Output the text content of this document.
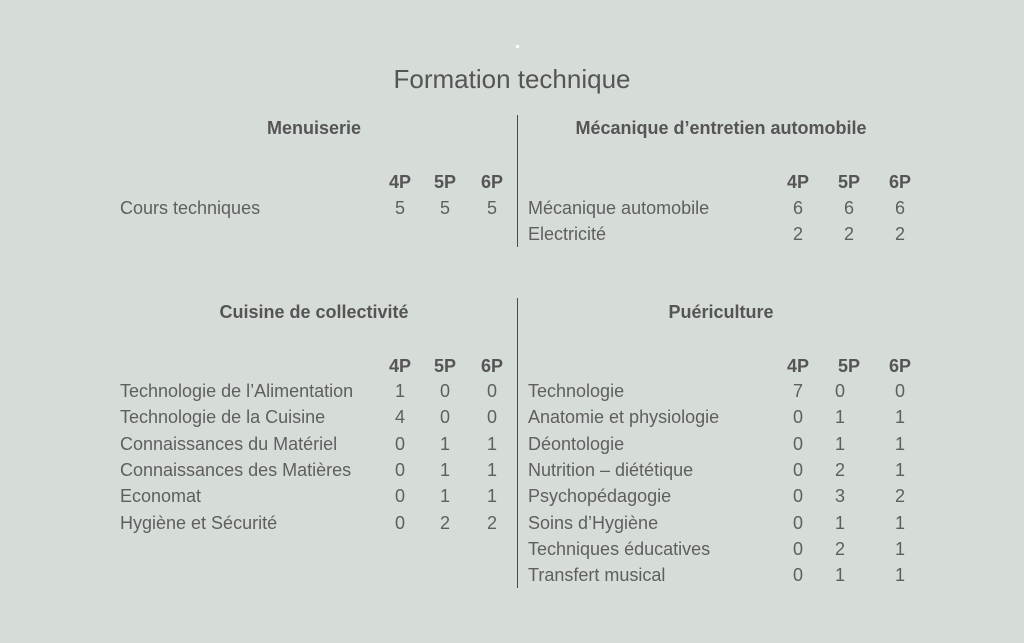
Formation technique
Menuiserie
4P	5P	6P
Cours techniques	5	5	5
Mécanique d’entretien automobile
4P	5P	6P
Mécanique automobile	6	6	6
Electricité	2	2	2
Cuisine de collectivité
4P	5P	6P
Technologie de l’Alimentation	1	0	0
Technologie de la Cuisine	4	0	0
Connaissances du Matériel	0	1	1
Connaissances des Matières	0	1	1
Economat	0	1	1
Hygiène et Sécurité	0	2	2
Puériculture
4P	5P	6P
Technologie	7	0	0
Anatomie et physiologie	0	1	1
Déontologie	0	1	1
Nutrition – diététique	0	2	1
Psychopédagogie	0	3	2
Soins d’Hygiène	0	1	1
Techniques éducatives	0	2	1
Transfert musical	0	1	1
